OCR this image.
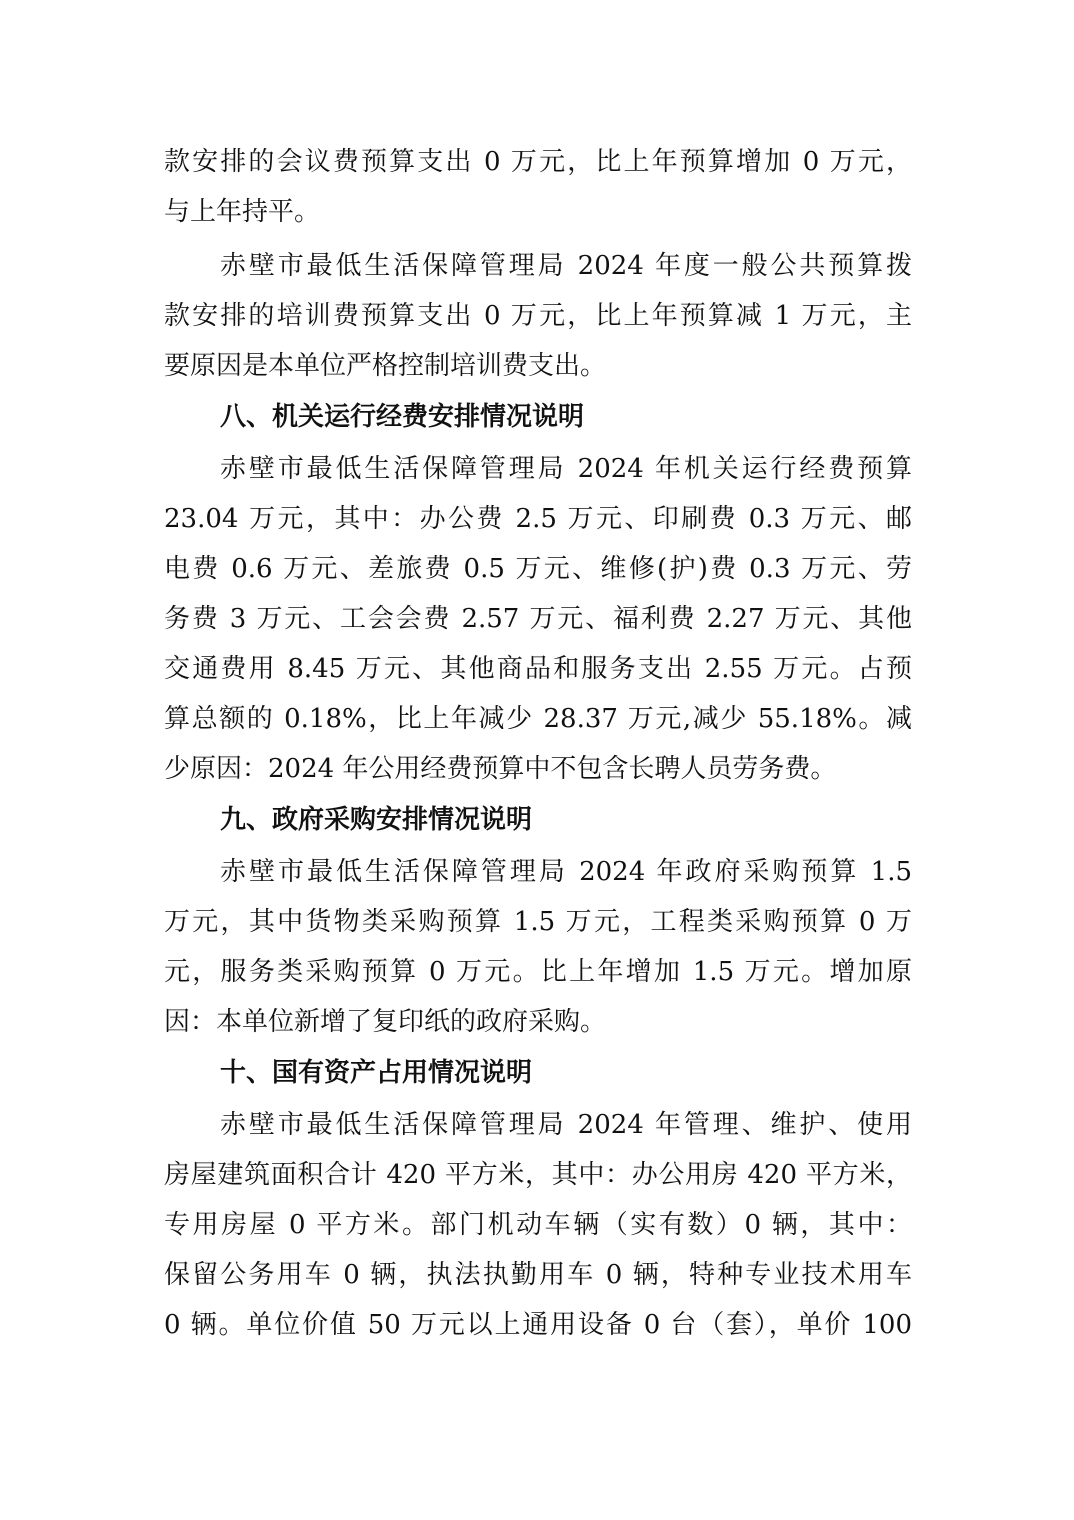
款安排的会议费预算支出 0 万元，比上年预算增加 0 万元，
与上年持平。
赤壁市最低生活保障管理局 2024 年度一般公共预算拨
款安排的培训费预算支出 0 万元，比上年预算减 1 万元，主
要原因是本单位严格控制培训费支出。
八、机关运行经费安排情况说明
赤壁市最低生活保障管理局 2024 年机关运行经费预算
23.04 万元，其中：办公费 2.5 万元、印刷费 0.3 万元、邮
电费 0.6 万元、差旅费 0.5 万元、维修(护)费 0.3 万元、劳
务费 3 万元、工会会费 2.57 万元、福利费 2.27 万元、其他
交通费用 8.45 万元、其他商品和服务支出 2.55 万元。占预
算总额的 0.18%，比上年减少 28.37 万元,减少 55.18%。减
少原因：2024 年公用经费预算中不包含长聘人员劳务费。
九、政府采购安排情况说明
赤壁市最低生活保障管理局 2024 年政府采购预算 1.5
万元，其中货物类采购预算 1.5 万元，工程类采购预算 0 万
元，服务类采购预算 0 万元。比上年增加 1.5 万元。增加原
因：本单位新增了复印纸的政府采购。
十、国有资产占用情况说明
赤壁市最低生活保障管理局 2024 年管理、维护、使用
房屋建筑面积合计 420 平方米，其中：办公用房 420 平方米，
专用房屋 0 平方米。部门机动车辆（实有数）0 辆，其中：
保留公务用车 0 辆，执法执勤用车 0 辆，特种专业技术用车
0 辆。单位价值 50 万元以上通用设备 0 台（套），单价 100
